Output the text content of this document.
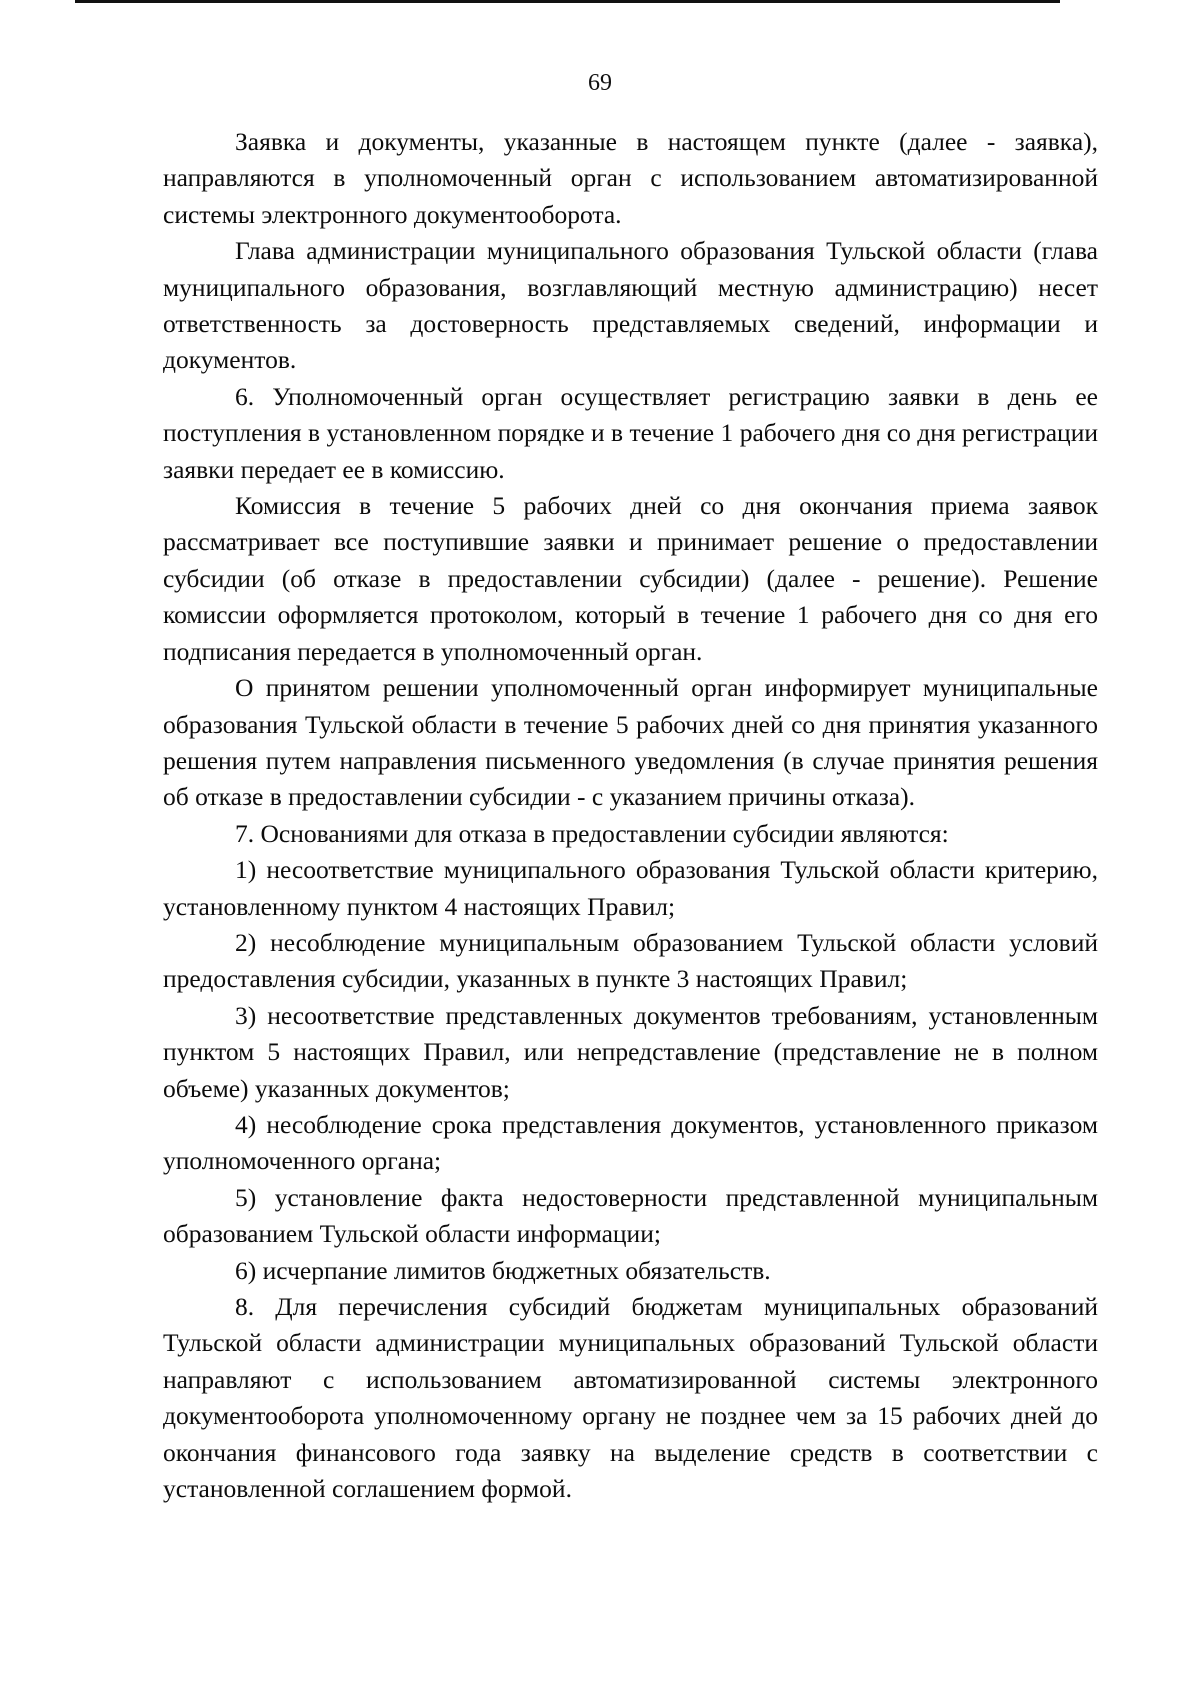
69

Заявка и документы, указанные в настоящем пункте (далее - заявка), направляются в уполномоченный орган с использованием автоматизированной системы электронного документооборота.

Глава администрации муниципального образования Тульской области (глава муниципального образования, возглавляющий местную администрацию) несет ответственность за достоверность представляемых сведений, информации и документов.

6. Уполномоченный орган осуществляет регистрацию заявки в день ее поступления в установленном порядке и в течение 1 рабочего дня со дня регистрации заявки передает ее в комиссию.

Комиссия в течение 5 рабочих дней со дня окончания приема заявок рассматривает все поступившие заявки и принимает решение о предоставлении субсидии (об отказе в предоставлении субсидии) (далее - решение). Решение комиссии оформляется протоколом, который в течение 1 рабочего дня со дня его подписания передается в уполномоченный орган.

О принятом решении уполномоченный орган информирует муниципальные образования Тульской области в течение 5 рабочих дней со дня принятия указанного решения путем направления письменного уведомления (в случае принятия решения об отказе в предоставлении субсидии - с указанием причины отказа).

7. Основаниями для отказа в предоставлении субсидии являются:

1) несоответствие муниципального образования Тульской области критерию, установленному пунктом 4 настоящих Правил;

2) несоблюдение муниципальным образованием Тульской области условий предоставления субсидии, указанных в пункте 3 настоящих Правил;

3) несоответствие представленных документов требованиям, установленным пунктом 5 настоящих Правил, или непредставление (представление не в полном объеме) указанных документов;

4) несоблюдение срока представления документов, установленного приказом уполномоченного органа;

5) установление факта недостоверности представленной муниципальным образованием Тульской области информации;

6) исчерпание лимитов бюджетных обязательств.

8. Для перечисления субсидий бюджетам муниципальных образований Тульской области администрации муниципальных образований Тульской области направляют с использованием автоматизированной системы электронного документооборота уполномоченному органу не позднее чем за 15 рабочих дней до окончания финансового года заявку на выделение средств в соответствии с установленной соглашением формой.
